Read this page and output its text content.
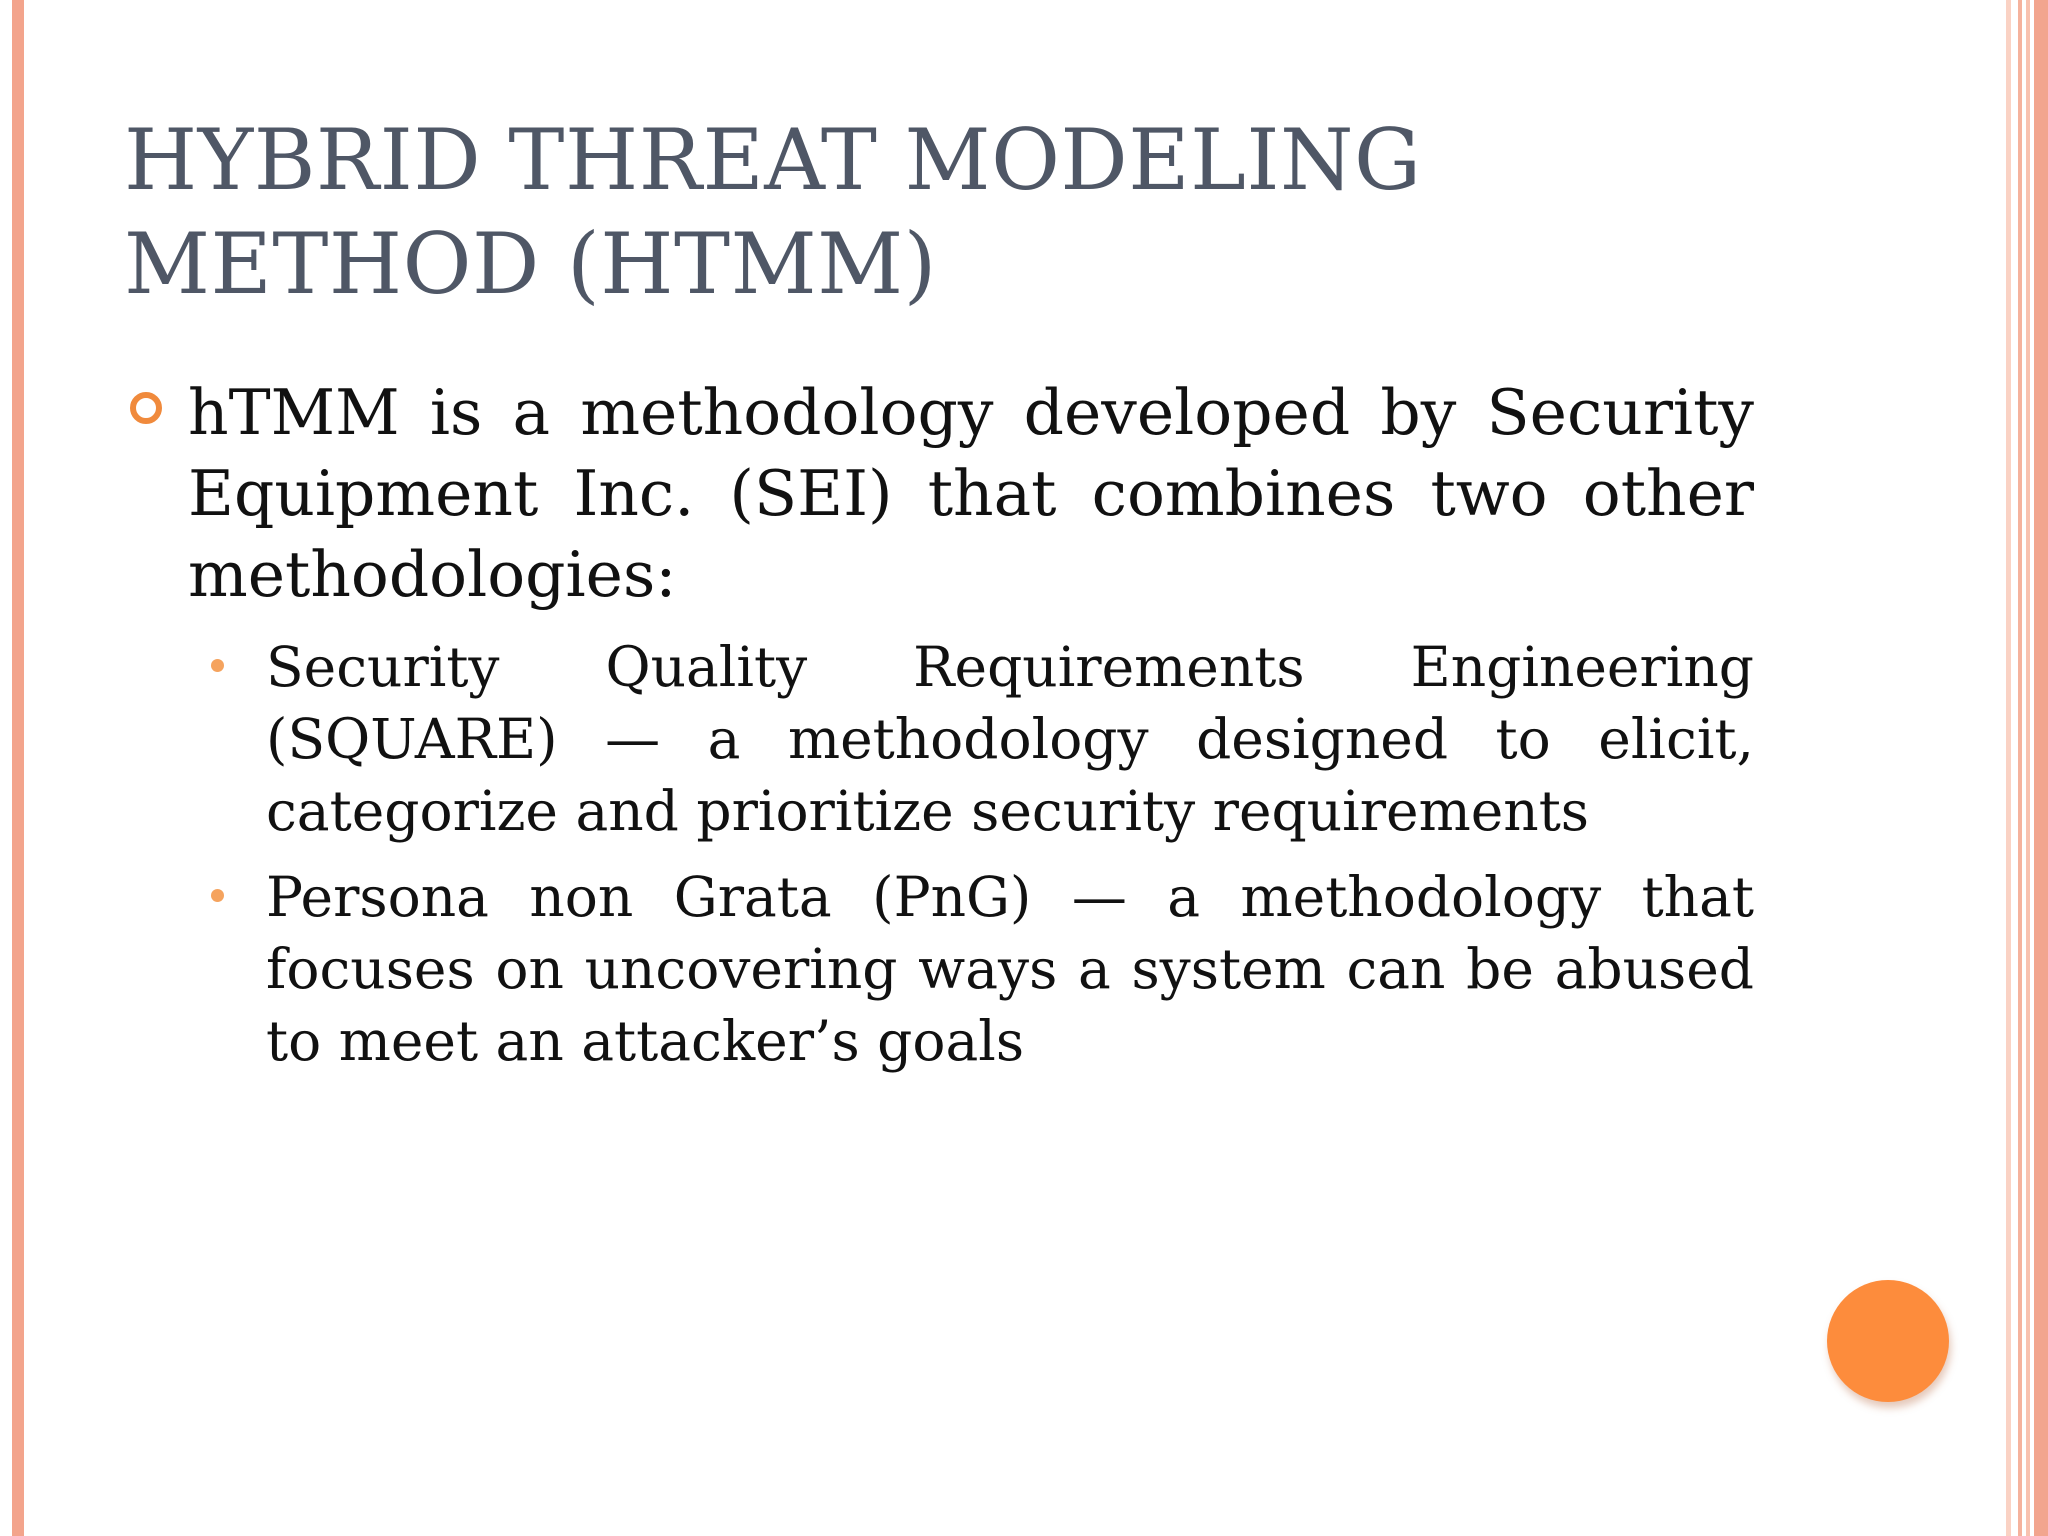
HYBRID THREAT MODELING
METHOD (HTMM)
hTMM is a methodology developed by Security Equipment Inc. (SEI) that combines two other methodologies:
Security Quality Requirements Engineering (SQUARE) — a methodology designed to elicit, categorize and prioritize security requirements
Persona non Grata (PnG) — a methodology that focuses on uncovering ways a system can be abused to meet an attacker’s goals
